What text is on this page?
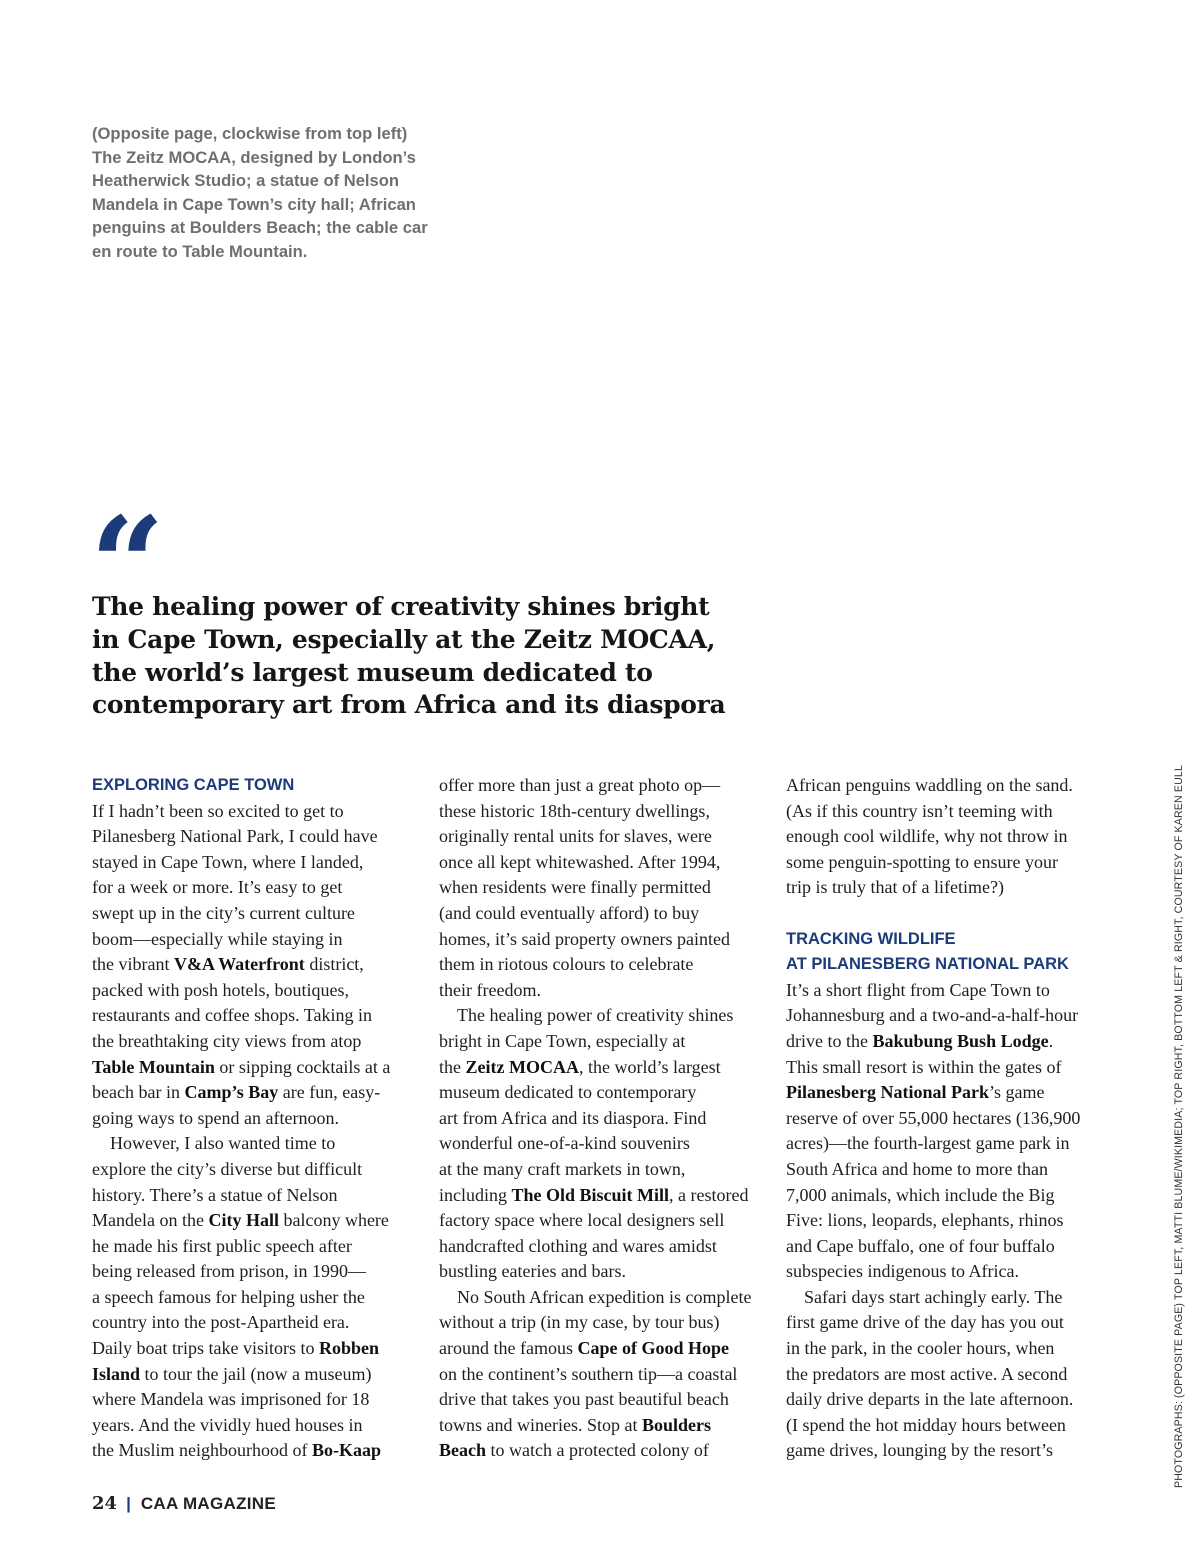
(Opposite page, clockwise from top left)
The Zeitz MOCAA, designed by London’s
Heatherwick Studio; a statue of Nelson
Mandela in Cape Town’s city hall; African
penguins at Boulders Beach; the cable car
en route to Table Mountain.
“
The healing power of creativity shines bright
in Cape Town, especially at the Zeitz MOCAA,
the world’s largest museum dedicated to
contemporary art from Africa and its diaspora
EXPLORING CAPE TOWN
If I hadn’t been so excited to get to
Pilanesberg National Park, I could have
stayed in Cape Town, where I landed,
for a week or more. It’s easy to get
swept up in the city’s current culture
boom—especially while staying in
the vibrant V&A Waterfront district,
packed with posh hotels, boutiques,
restaurants and coffee shops. Taking in
the breathtaking city views from atop
Table Mountain or sipping cocktails at a
beach bar in Camp’s Bay are fun, easy-
going ways to spend an afternoon.
However, I also wanted time to
explore the city’s diverse but difficult
history. There’s a statue of Nelson
Mandela on the City Hall balcony where
he made his first public speech after
being released from prison, in 1990—
a speech famous for helping usher the
country into the post-Apartheid era.
Daily boat trips take visitors to Robben
Island to tour the jail (now a museum)
where Mandela was imprisoned for 18
years. And the vividly hued houses in
the Muslim neighbourhood of Bo-Kaap
offer more than just a great photo op—
these historic 18th-century dwellings,
originally rental units for slaves, were
once all kept whitewashed. After 1994,
when residents were finally permitted
(and could eventually afford) to buy
homes, it’s said property owners painted
them in riotous colours to celebrate
their freedom.
The healing power of creativity shines
bright in Cape Town, especially at
the Zeitz MOCAA, the world’s largest
museum dedicated to contemporary
art from Africa and its diaspora. Find
wonderful one-of-a-kind souvenirs
at the many craft markets in town,
including The Old Biscuit Mill, a restored
factory space where local designers sell
handcrafted clothing and wares amidst
bustling eateries and bars.
No South African expedition is complete
without a trip (in my case, by tour bus)
around the famous Cape of Good Hope
on the continent’s southern tip—a coastal
drive that takes you past beautiful beach
towns and wineries. Stop at Boulders
Beach to watch a protected colony of
African penguins waddling on the sand.
(As if this country isn’t teeming with
enough cool wildlife, why not throw in
some penguin-spotting to ensure your
trip is truly that of a lifetime?)
TRACKING WILDLIFE
AT PILANESBERG NATIONAL PARK
It’s a short flight from Cape Town to
Johannesburg and a two-and-a-half-hour
drive to the Bakubung Bush Lodge.
This small resort is within the gates of
Pilanesberg National Park’s game
reserve of over 55,000 hectares (136,900
acres)—the fourth-largest game park in
South Africa and home to more than
7,000 animals, which include the Big
Five: lions, leopards, elephants, rhinos
and Cape buffalo, one of four buffalo
subspecies indigenous to Africa.
Safari days start achingly early. The
first game drive of the day has you out
in the park, in the cooler hours, when
the predators are most active. A second
daily drive departs in the late afternoon.
(I spend the hot midday hours between
game drives, lounging by the resort’s
24 | CAA MAGAZINE
PHOTOGRAPHS: (OPPOSITE PAGE) TOP LEFT, MATTI BLUME/WIKIMEDIA; TOP RIGHT, BOTTOM LEFT & RIGHT, COURTESY OF KAREN EULL
